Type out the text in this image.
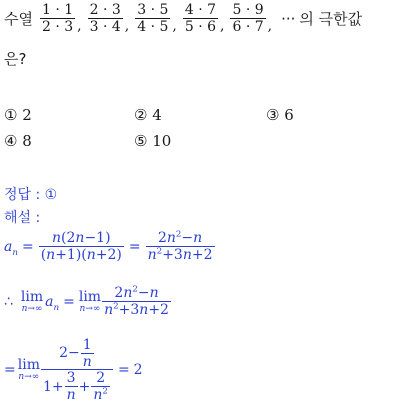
수열 $\frac{1 \cdot 1}{2 \cdot 3}$ , $\frac{2 \cdot 3}{3 \cdot 4}$ , $\frac{3 \cdot 5}{4 \cdot 5}$ , $\frac{4 \cdot 7}{5 \cdot 6}$ , $\frac{5 \cdot 9}{6 \cdot 7}$ , ··· 의 극한값
은?
① 2	② 4	③ 6
④ 8	⑤ 10
정답 : ①
해설 :
$a_n = \frac{n(2n-1)}{(n+1)(n+2)} = \frac{2n^2-n}{n^2+3n+2}$
∴ lim
n→∞ $a_n = \lim$
$n\to\infty \frac{2n^2-n}{n^2+3n+2}$
= lim
$n\to\infty \frac{2- \frac{1}{n}}{1+ \frac{3}{n} + \frac{2}{n^2}} = 2$
